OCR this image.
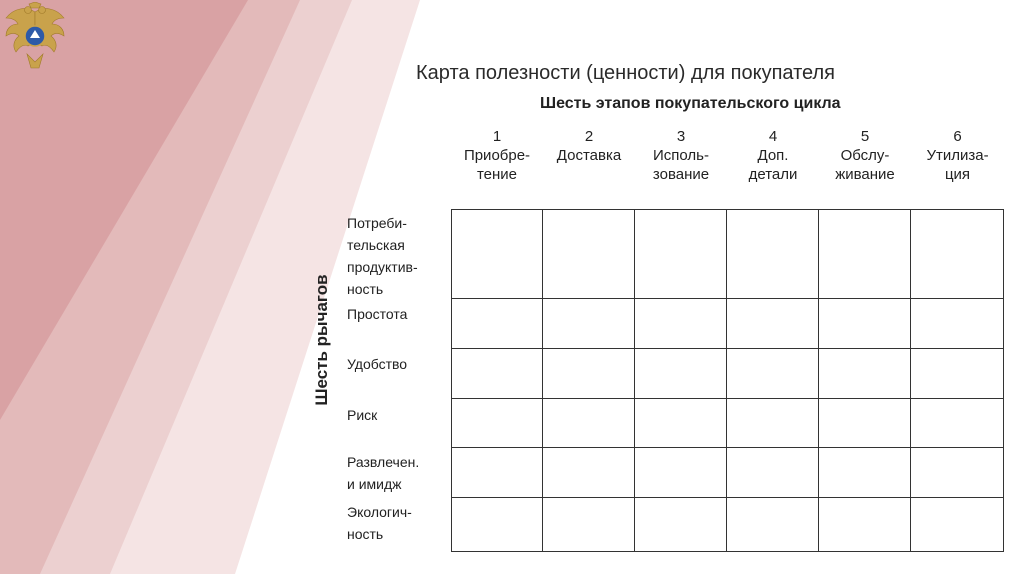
Карта полезности (ценности) для покупателя
Шесть этапов покупательского цикла
Шесть рычагов
1
Приобре-
тение
2
Доставка
3
Исполь-
зование
4
Доп.
детали
5
Обслу-
живание
6
Утилиза-
ция
Потреби-
тельская
продуктив-
ность
Простота
Удобство
Риск
Развлечен.
и имидж
Экологич-
ность
